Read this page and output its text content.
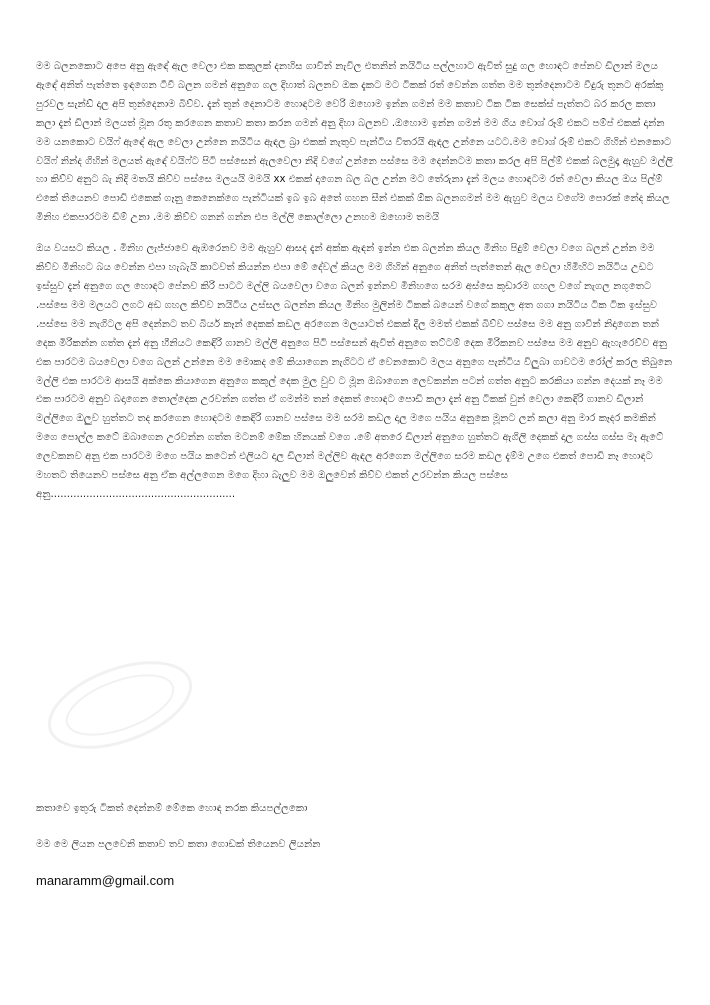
මම බලනකොට අපෙ අනු ඇ‌ඳේ ඇල වෙලා එක කකුලක් දනහිස ගාවින් නැවිල එතනින් නයිටිය පල්ලහාට ඇවිත් සුදු ගල හොඳට පේනව ඩිලාන් මලය ඇ‌ඳේ අනිත් පැත්තෙ ඉඳගෙන ටීවී බලන ගමන් අනුගෙ ගල දිහාත් බලනව ඔක දැකට මට ටිකක් රත් වෙන්න ගත්ත මම තුන්දෙනාටම වීදුරු තුනට අරක්කු පුරවල සැන්ඩ් දාල අපි තුන්දෙනාම බිව්ව. දැන් තුන් දෙනාටම හොඳටම වෙරි ඔහොම ඉන්න ගමන් මම කතාව ටික ටික සෙක්ස් පැත්තට බර කරල කතා කලා දැන් ඩිලාන් මලයත් මූන රතු කරගෙන කතාව කතා කරන ගමන් අනු දිහා බලනව .ඔහොම ඉන්න ගමන් මම ගිය වොශ් රූම් එකට පම්ප් එකක් දාන්න මම යනකොට වයිෆ් ඇ‌ඳේ ඇල වෙලා උන්නෙ නයිටිය ඇඳල බ්‍රා එකක් නැතුව පැන්ටිය විතරයි ඇඳල උන්නෙ යටට.මම වොශ් රූම් එකට ගිහින් එනකොට වයිෆ් නින්ද ගිහින් මලයත් ඇ‌ඳේ වයිෆ්ට පිටි පස්සෙන් ඇලවෙලා නිදි වගේ උන්නෙ පස්සෙ මම දෙන්නටම කතා කරල අපි පිල්ම් එකක් බලමුදෑ ඇහුව මල්ලි හා කිව්ව අනුට බැ නිදි මතයි කිව්ව පස්සෙ මලයයි මමයි xx එකක් දාගෙන බල බල උන්න මට තේරුනා දැන් මලය හොඳටම රත් වෙලා කියල ඔය පිල්ම් එකේ තියෙනව පොඩි එකෙක් ගෑනු කෙනෙක්ගෙ පැන්ටියක් ඉබ ඉබ අතේ ගහන සීන් එකක් ඕක බලනගමන් මම ඇහුව මලය වගේම පොරක් නේද කියල මිනිහ එකපාරටම ඩිම් උනා .මම කිව්ව ගනන් ගන්න එප මල්ලි කොල්ලො උනහම ඔහොම තමයි

ඔය වයසට කියල . මිනිහ ලැජ්ජාවෙ ඇඹරෙනව මම ඇහුව ආසද දැන් අක්ක ඇඳන් ඉන්න එක බලන්න කියල මිනිහ පිදුම් වෙලා වගෙ බලන් උන්න මම කිව්ව මිනිහට බය වෙන්න එපා හැබැයි කාටවත් කියන්න එපා මේ දේවල් කියල මම ගිහින් අනුගෙ අනිත් පැත්තෙන් ඇල වෙලා හිමීහිට නයිටිය උඩට ඉස්සුව දැන් අනුගෙ ගල හොඳට පේනව කිරි පාටට මල්ලි බයවෙලා වගෙ බලන් ඉන්නව මිනිහගෙ සරම අස්සෙ කුඩාරම ගහල වගේ නැගල නගුතෙට .පස්සෙ මම මලයට ලගට අඩ ගහල කිව්ව නයිටිය උස්සල බලන්න කියල මිනිහ මුලින්ම ටිකක් බයෙන් වගේ කකුල අත ගගා නයිටිය ටික ටික ඉස්සුව .පස්සෙ මම නැගිටල අපි දෙන්නට තව බියර් කෑන් දෙකක් කඩල අරගෙන මලයාටත් එකක් දීල මමත් එකක් බිව්ව පස්සෙ මම අනු ගාවින් නිදාගෙන තන් දෙක මිරිකන්න ගත්ත දැන් අනු හීනියට කෙඳිරි ගානව මල්ලි අනුගෙ පිටි පස්සෙන් ඇවිත් අනුගෙ තට්ටම් දෙක මිරිකනව පස්සෙ මම අනුව ඇහැරෙව්ව අනු එක පාරටම බයවෙලා වගෙ බලන් උන්නෙ මම මොකද මේ කියාගෙන නැගිටට ඒ වෙනකොට මලය අනුගෙ පැන්ටිය විලුබා ගාවටම රෝල් කරල තිබුනෙ මල්ලි එක පාරටම ආසයි අක්කෙ කියාගෙන අනුගෙ කකුල් දෙක මුල වුව ට මූන ඔබාගෙන ලෙවකන්න පටන් ගත්ත අනුට කරකියා ගන්න දෙයක් නෑ මම එක පාරටම අනුව බදාගෙන තොල්දෙක උරවන්න ගත්ත ඒ ගමන්ම තන් දෙකත් හොඳට පොඩි කලා දැන් අනු ටිකක් වුන් වෙලා කෙඳිරි ගානව ඩිලාන් මල්ලිගෙ ඔලුව හුත්තට තද කරගෙන හොඳටම කෙඳිරි ගානව පස්සෙ මම සරම කඩල දාල මගෙ පයිය අනුකෙ මූනට ලන් කලා අනු මාර කෑදර කමකින් මගෙ පොල්ල කටේ ඔබාගෙන උරවන්න ගත්ත මටනම් මේක හිනයක් වගෙ .මේ අතරෙ ඩිලාන් අනුගෙ හුත්තට ඇගිලි දෙකක් දාල ගස්ස ගස්ස මෑ ඇටේ ලෙවකනව අනු එක පාරටම මගෙ පයිය කටෙන් එලියට දාල ඩිලාන් මල්ලිව ඇඳල අරගෙන මල්ලිගෙ සරම කඩල දැම්ම උගෙ එකත් පොඩි නෑ හොඳට මහතට තියෙනව පස්සෙ අනු ඒක අල්ලගෙන මගෙ දිහා බැලුව මම ඔලුවෙන් කිව්ව එකත් උරවන්න කියල පස්සෙ අනු.........................................................

කතාවෙ ඉතුරු ටිකත් දෙන්නම් මේකෙ හොඳ නරක කියපල්ලකො

මම මෙ ලියන පලවෙනි කතාව තව කතා ගොඩක් තියෙනව ලියන්න

manaramm@gmail.com
